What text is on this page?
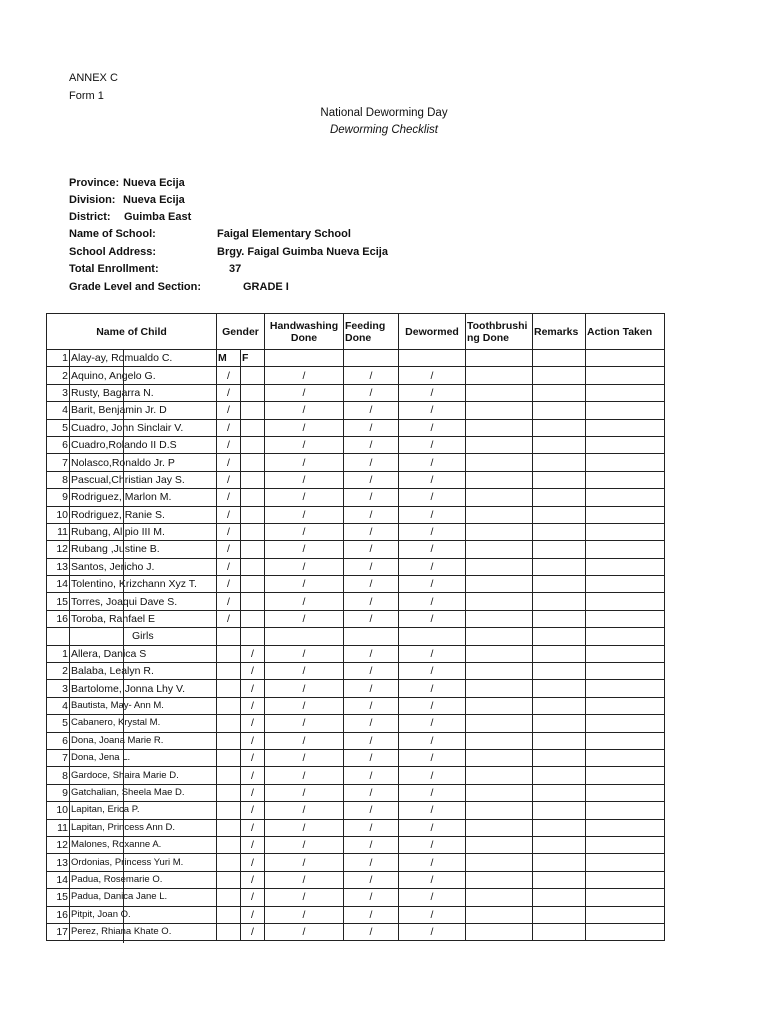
ANNEX C
Form 1
National Deworming Day
Deworming Checklist
Province: Nueva Ecija
Division: Nueva Ecija
District: Guimba East
Name of School:	Faigal Elementary School
School Address:	Brgy. Faigal Guimba Nueva Ecija
Total Enrollment:	37
Grade Level and Section:	GRADE I
Name of Child		Gender		Handwashing Done	Feeding Done	Dewormed	Toothbrushing Done	Remarks	Action Taken
1	Alay-ay, Romualdo C.	M	F						
2	Aquino, Angelo G.	/		/	/	/			
3	Rusty, Bagarra N.	/		/	/	/			
4	Barit, Benjamin Jr. D	/		/	/	/			
5	Cuadro, John Sinclair V.	/		/	/	/			
6	Cuadro,Rolando II D.S	/		/	/	/			
7	Nolasco,Ronaldo Jr. P	/		/	/	/			
8	Pascual,Christian Jay S.	/		/	/	/			
9	Rodriguez, Marlon M.	/		/	/	/			
10	Rodriguez, Ranie S.	/		/	/	/			
11	Rubang, Alipio III M.	/		/	/	/			
12	Rubang ,Justine B.	/		/	/	/			
13	Santos, Jericho J.	/		/	/	/			
14	Tolentino, Krizchann Xyz T.	/		/	/	/			
15	Torres, Joaqui Dave S.	/		/	/	/			
16	Toroba, Rahfael E	/		/	/	/			
	Girls								
1	Allera, Danica S		/	/	/	/			
2	Balaba, Lealyn R.		/	/	/	/			
3	Bartolome, Jonna Lhy V.		/	/	/	/			
4	Bautista, May- Ann M.		/	/	/	/			
5	Cabanero, Krystal M.		/	/	/	/			
6	Dona, Joana Marie R.		/	/	/	/			
7	Dona, Jena L.		/	/	/	/			
8	Gardoce, Shaira Marie D.		/	/	/	/			
9	Gatchalian, Sheela Mae D.		/	/	/	/			
10	Lapitan, Erica P.		/	/	/	/			
11	Lapitan, Princess Ann D.		/	/	/	/			
12	Malones, Roxanne A.		/	/	/	/			
13	Ordonias, Princess Yuri M.		/	/	/	/			
14	Padua, Rosemarie O.		/	/	/	/			
15	Padua, Danica Jane L.		/	/	/	/			
16	Pitpit, Joan O.		/	/	/	/			
17	Perez, Rhiana Khate O.		/	/	/	/			
